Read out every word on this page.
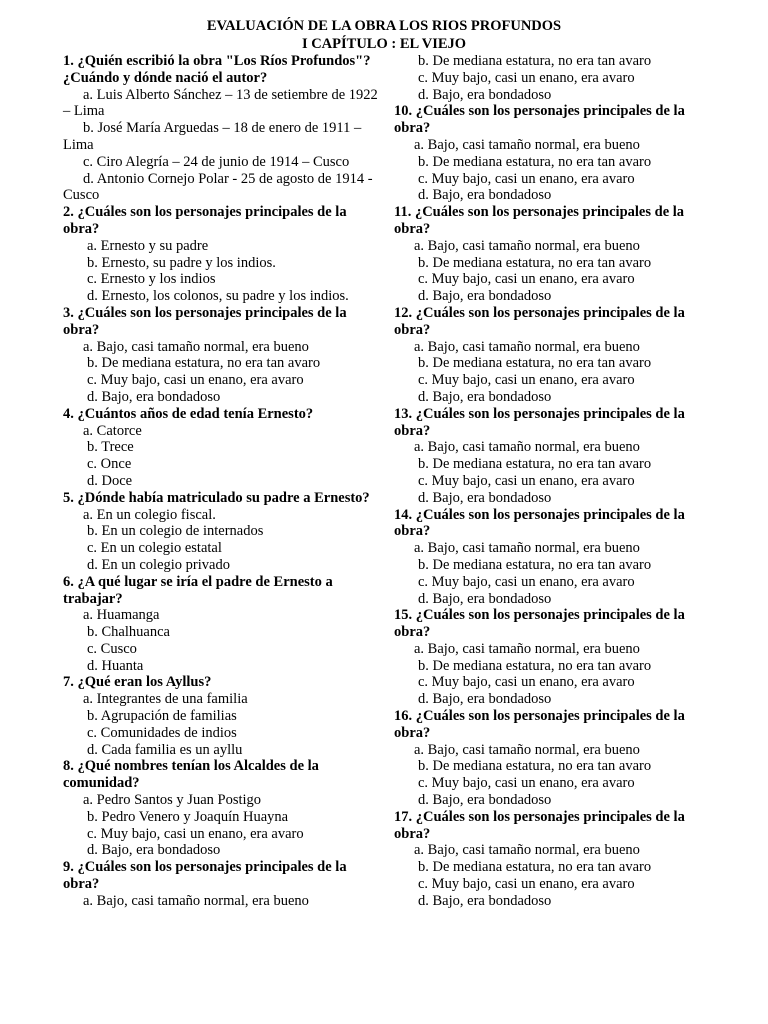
EVALUACIÓN DE LA OBRA LOS RIOS PROFUNDOS
I CAPÍTULO : EL VIEJO
1. ¿Quién escribió la obra "Los Ríos Profundos"? ¿Cuándo y dónde nació el autor?
a. Luis Alberto Sánchez – 13 de setiembre de 1922 – Lima
b. José María Arguedas – 18 de enero de 1911 – Lima
c. Ciro Alegría – 24 de junio de 1914 – Cusco
d. Antonio Cornejo Polar - 25 de agosto de 1914 - Cusco
2. ¿Cuáles son los personajes principales de la obra?
a. Ernesto y su padre
b. Ernesto, su padre y los indios.
c. Ernesto y los indios
d. Ernesto, los colonos, su padre y los indios.
3. ¿Cuáles son los personajes principales de la obra?
a. Bajo, casi tamaño normal, era bueno
b. De mediana estatura, no era tan avaro
c. Muy bajo, casi un enano, era avaro
d. Bajo, era bondadoso
4. ¿Cuántos años de edad tenía Ernesto?
a. Catorce
b. Trece
c. Once
d. Doce
5. ¿Dónde había matriculado su padre a Ernesto?
a. En un colegio fiscal.
b. En un colegio de internados
c. En un colegio estatal
d. En un colegio privado
6. ¿A qué lugar se iría el padre de Ernesto a trabajar?
a. Huamanga
b. Chalhuanca
c. Cusco
d. Huanta
7. ¿Qué eran los Ayllus?
a. Integrantes de una familia
b. Agrupación de familias
c. Comunidades de indios
d. Cada familia es un ayllu
8. ¿Qué nombres tenían los Alcaldes de la comunidad?
a. Pedro Santos y Juan Postigo
b. Pedro Venero y Joaquín Huayna
c. Muy bajo, casi un enano, era avaro
d. Bajo, era bondadoso
9. ¿Cuáles son los personajes principales de la obra?
a. Bajo, casi tamaño normal, era bueno
b. De mediana estatura, no era tan avaro
c. Muy bajo, casi un enano, era avaro
d. Bajo, era bondadoso
10. ¿Cuáles son los personajes principales de la obra?
a. Bajo, casi tamaño normal, era bueno
b. De mediana estatura, no era tan avaro
c. Muy bajo, casi un enano, era avaro
d. Bajo, era bondadoso
11. ¿Cuáles son los personajes principales de la obra?
a. Bajo, casi tamaño normal, era bueno
b. De mediana estatura, no era tan avaro
c. Muy bajo, casi un enano, era avaro
d. Bajo, era bondadoso
12. ¿Cuáles son los personajes principales de la obra?
a. Bajo, casi tamaño normal, era bueno
b. De mediana estatura, no era tan avaro
c. Muy bajo, casi un enano, era avaro
d. Bajo, era bondadoso
13. ¿Cuáles son los personajes principales de la obra?
a. Bajo, casi tamaño normal, era bueno
b. De mediana estatura, no era tan avaro
c. Muy bajo, casi un enano, era avaro
d. Bajo, era bondadoso
14. ¿Cuáles son los personajes principales de la obra?
a. Bajo, casi tamaño normal, era bueno
b. De mediana estatura, no era tan avaro
c. Muy bajo, casi un enano, era avaro
d. Bajo, era bondadoso
15. ¿Cuáles son los personajes principales de la obra?
a. Bajo, casi tamaño normal, era bueno
b. De mediana estatura, no era tan avaro
c. Muy bajo, casi un enano, era avaro
d. Bajo, era bondadoso
16. ¿Cuáles son los personajes principales de la obra?
a. Bajo, casi tamaño normal, era bueno
b. De mediana estatura, no era tan avaro
c. Muy bajo, casi un enano, era avaro
d. Bajo, era bondadoso
17. ¿Cuáles son los personajes principales de la obra?
a. Bajo, casi tamaño normal, era bueno
b. De mediana estatura, no era tan avaro
c. Muy bajo, casi un enano, era avaro
d. Bajo, era bondadoso
